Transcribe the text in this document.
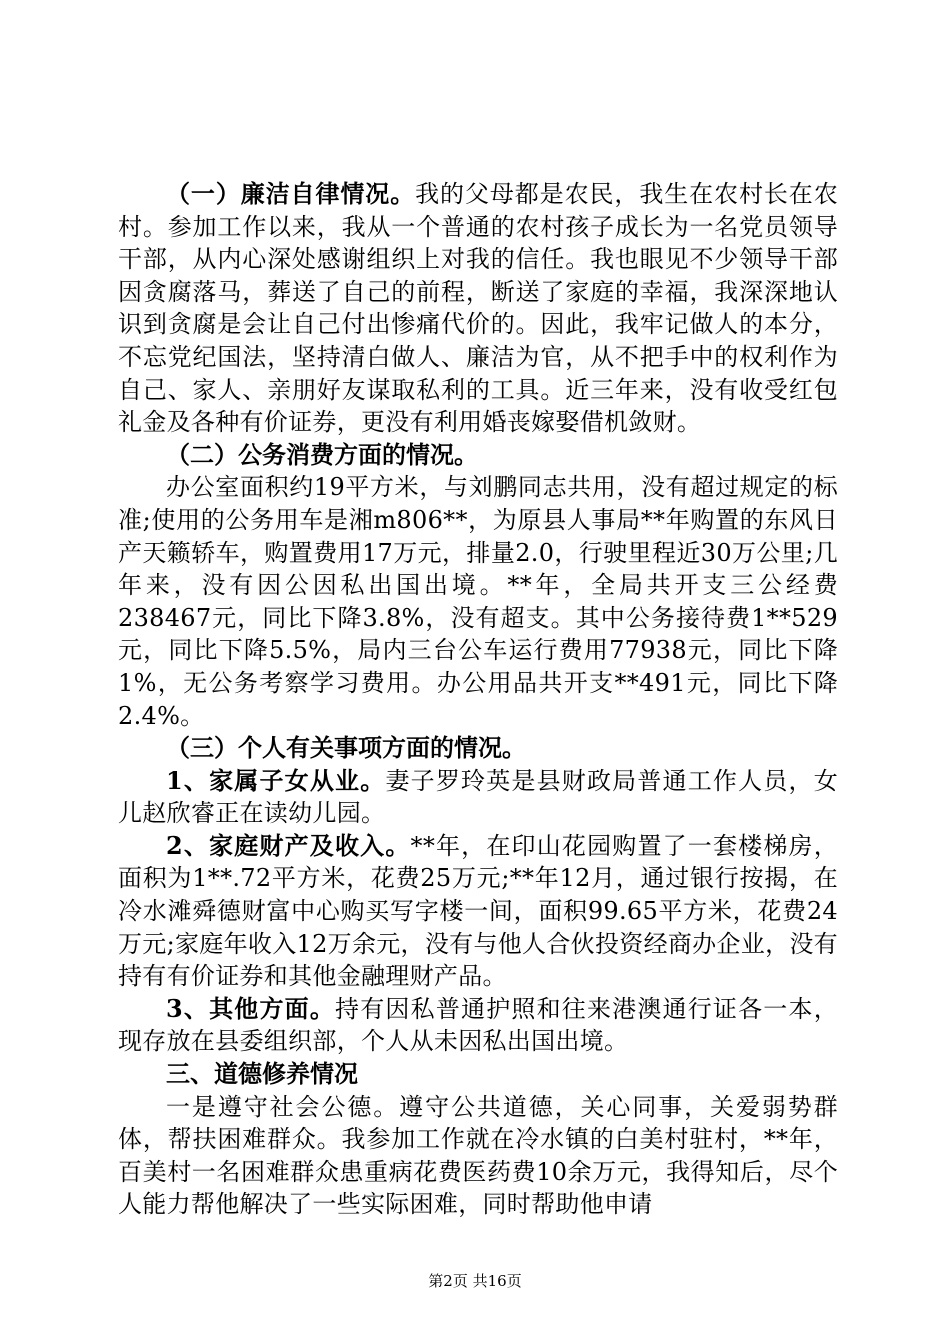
（一）廉洁自律情况。我的父母都是农民，我生在农村长在农村。参加工作以来，我从一个普通的农村孩子成长为一名党员领导干部，从内心深处感谢组织上对我的信任。我也眼见不少领导干部因贪腐落马，葬送了自己的前程，断送了家庭的幸福，我深深地认识到贪腐是会让自己付出惨痛代价的。因此，我牢记做人的本分，不忘党纪国法，坚持清白做人、廉洁为官，从不把手中的权利作为自己、家人、亲朋好友谋取私利的工具。近三年来，没有收受红包礼金及各种有价证券，更没有利用婚丧嫁娶借机敛财。

（二）公务消费方面的情况。

办公室面积约19平方米，与刘鹏同志共用，没有超过规定的标准;使用的公务用车是湘m806**，为原县人事局**年购置的东风日产天籁轿车，购置费用17万元，排量2.0，行驶里程近30万公里;几年来，没有因公因私出国出境。**年，全局共开支三公经费238467元，同比下降3.8%，没有超支。其中公务接待费1**529元，同比下降5.5%，局内三台公车运行费用77938元，同比下降1%，无公务考察学习费用。办公用品共开支**491元，同比下降2.4%。

（三）个人有关事项方面的情况。

1、家属子女从业。妻子罗玲英是县财政局普通工作人员，女儿赵欣睿正在读幼儿园。

2、家庭财产及收入。**年，在印山花园购置了一套楼梯房，面积为1**.72平方米，花费25万元;**年12月，通过银行按揭，在冷水滩舜德财富中心购买写字楼一间，面积99.65平方米，花费24万元;家庭年收入12万余元，没有与他人合伙投资经商办企业，没有持有有价证券和其他金融理财产品。

3、其他方面。持有因私普通护照和往来港澳通行证各一本，现存放在县委组织部，个人从未因私出国出境。

三、道德修养情况

一是遵守社会公德。遵守公共道德，关心同事，关爱弱势群体，帮扶困难群众。我参加工作就在冷水镇的白美村驻村，**年，百美村一名困难群众患重病花费医药费10余万元，我得知后，尽个人能力帮他解决了一些实际困难，同时帮助他申请

第2页 共16页
